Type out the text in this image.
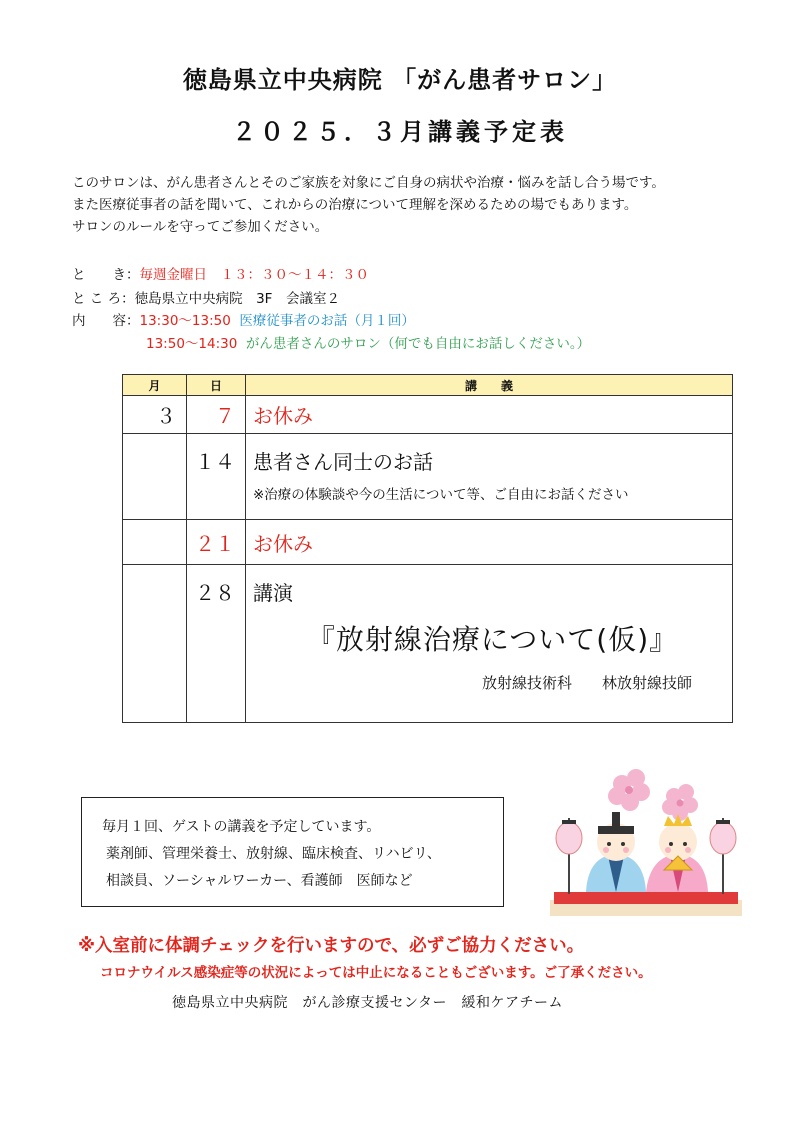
徳島県立中央病院 「がん患者サロン」
２０２５．３月講義予定表
このサロンは、がん患者さんとそのご家族を対象にご自身の病状や治療・悩みを話し合う場です。
また医療従事者の話を聞いて、これからの治療について理解を深めるための場でもあります。
サロンのルールを守ってご参加ください。
と　　き：毎週金曜日　１３：３０～１４：３０
と こ ろ：徳島県立中央病院　3F　会議室２
内　　容：13:30～13:50 医療従事者のお話（月１回）
13:50～14:30 がん患者さんのサロン（何でも自由にお話しください。）
月	日	講　　義
３	７	お休み
	１４	患者さん同士のお話
※治療の体験談や今の生活について等、ご自由にお話ください

	２１	お休み
	２８	講演
『放射線治療について(仮)』
放射線技術科　　林放射線技師
毎月１回、ゲストの講義を予定しています。
薬剤師、管理栄養士、放射線、臨床検査、リハビリ、
相談員、ソーシャルワーカー、看護師　医師など
※入室前に体調チェックを行いますので、必ずご協力ください。
コロナウイルス感染症等の状況によっては中止になることもございます。ご了承ください。
徳島県立中央病院　がん診療支援センター　緩和ケアチーム
